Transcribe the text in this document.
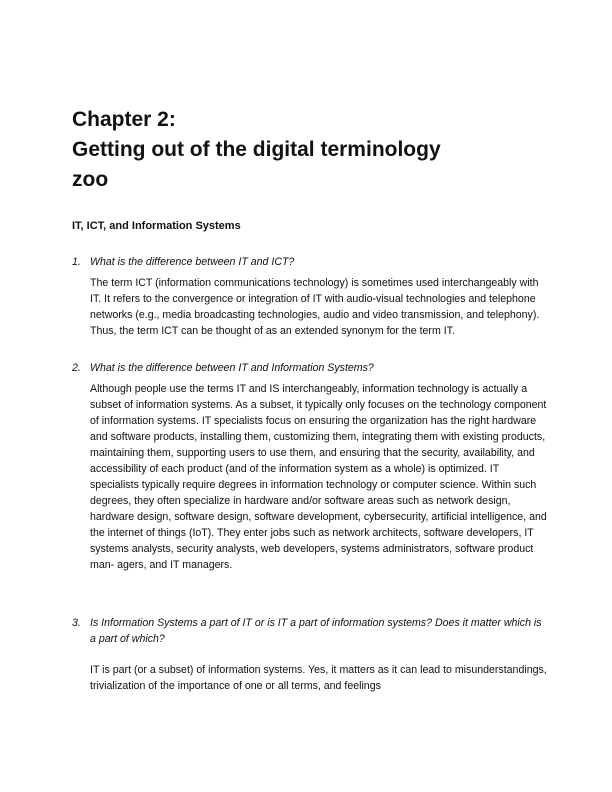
Chapter 2:
Getting out of the digital terminology
zoo
IT, ICT, and Information Systems
1. What is the difference between IT and ICT?

The term ICT (information communications technology) is sometimes used interchangeably with IT. It refers to the convergence or integration of IT with audio-visual technologies and telephone networks (e.g., media broadcasting technologies, audio and video transmission, and telephony). Thus, the term ICT can be thought of as an extended synonym for the term IT.

2. What is the difference between IT and Information Systems?

Although people use the terms IT and IS interchangeably, information technology is actually a subset of information systems. As a subset, it typically only focuses on the technology component of information systems. IT specialists focus on ensuring the organization has the right hardware and software products, installing them, customizing them, integrating them with existing products, maintaining them, supporting users to use them, and ensuring that the security, availability, and accessibility of each product (and of the information system as a whole) is optimized. IT specialists typically require degrees in information technology or computer science. Within such degrees, they often specialize in hardware and/or software areas such as network design, hardware design, software design, software development, cybersecurity, artificial intelligence, and the internet of things (IoT). They enter jobs such as network architects, software developers, IT systems analysts, security analysts, web developers, systems administrators, software product man- agers, and IT managers.

3. Is Information Systems a part of IT or is IT a part of information systems? Does it matter which is a part of which?

IT is part (or a subset) of information systems. Yes, it matters as it can lead to misunderstandings, trivialization of the importance of one or all terms, and feelings
